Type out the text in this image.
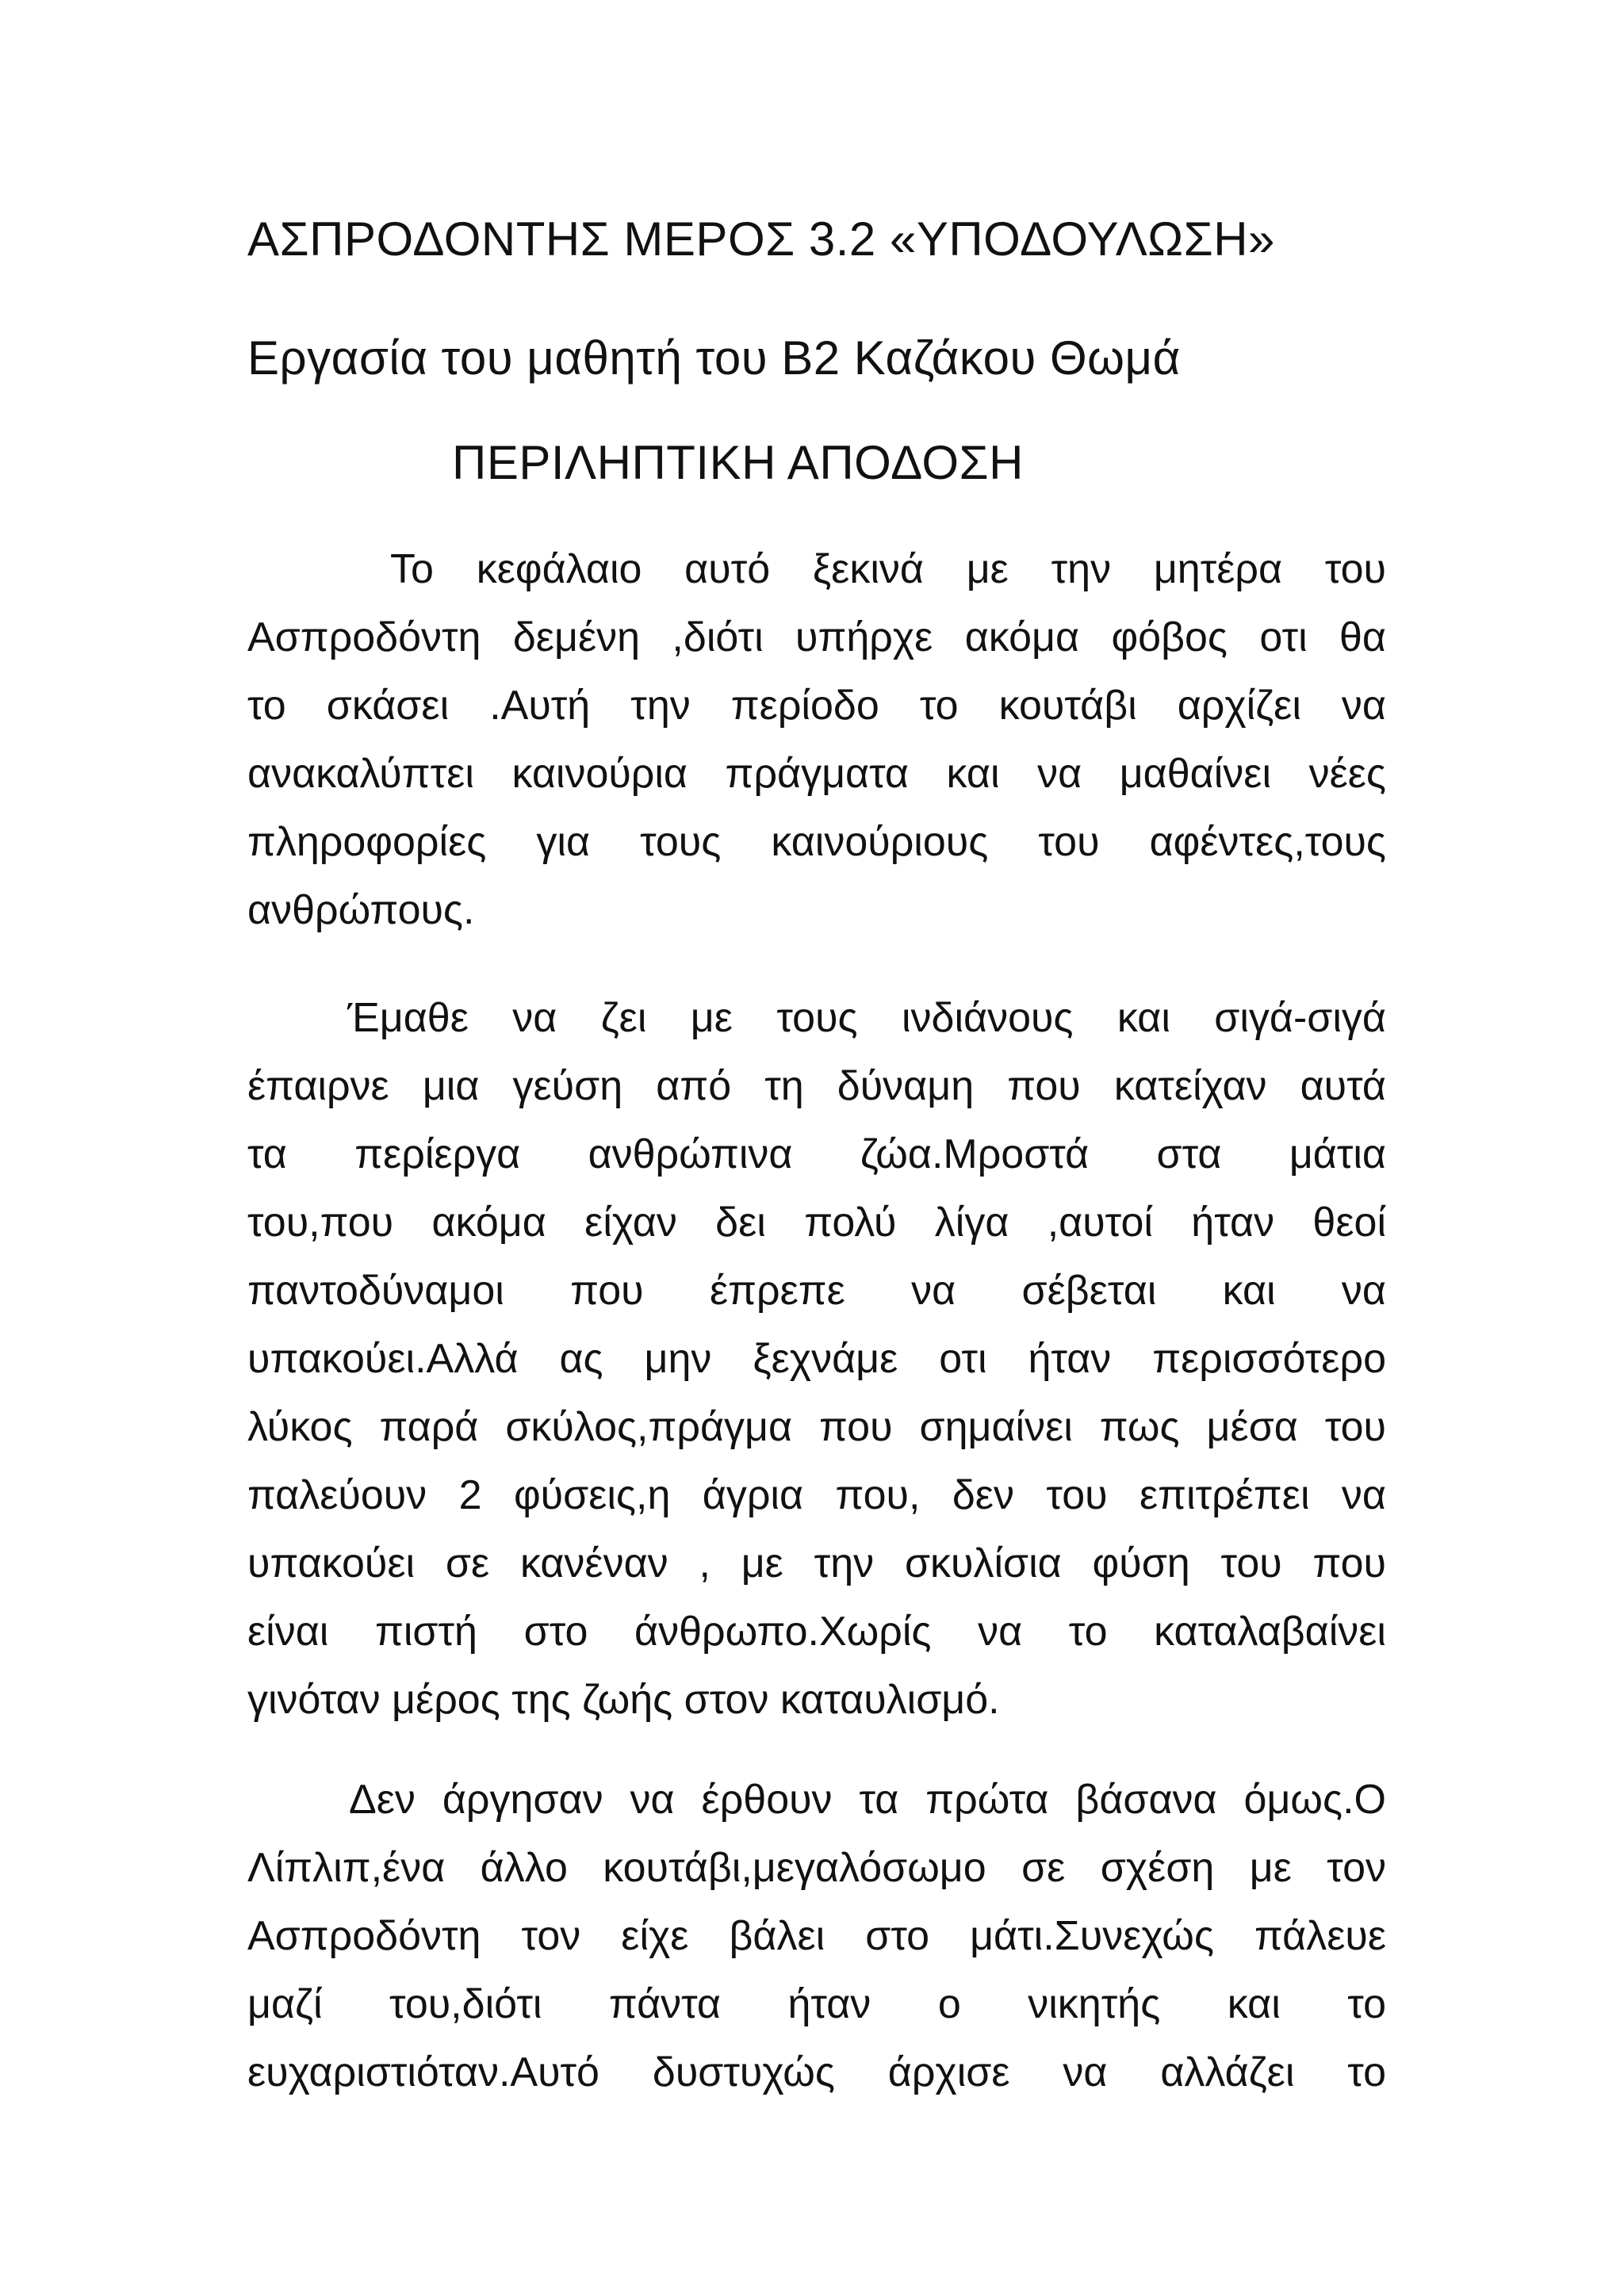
ΑΣΠΡΟΔΟΝΤΗΣ ΜΕΡΟΣ 3.2 «ΥΠΟΔΟΥΛΩΣΗ»
Εργασία του μαθητή του Β2 Καζάκου Θωμά
ΠΕΡΙΛΗΠΤΙΚΗ ΑΠΟΔΟΣΗ
Το κεφάλαιο αυτό ξεκινά με την μητέρα του
Ασπροδόντη δεμένη ,διότι υπήρχε ακόμα φόβος οτι θα
το σκάσει .Αυτή την περίοδο το κουτάβι αρχίζει να
ανακαλύπτει καινούρια πράγματα και να μαθαίνει νέες
πληροφορίες για τους καινούριους του αφέντες,τους
ανθρώπους.
Έμαθε να ζει με τους ινδιάνους και σιγά-σιγά
έπαιρνε μια γεύση από τη δύναμη που κατείχαν αυτά
τα περίεργα ανθρώπινα ζώα.Μροστά στα μάτια
του,που ακόμα είχαν δει πολύ λίγα ,αυτοί ήταν θεοί
παντοδύναμοι που έπρεπε να σέβεται και να
υπακούει.Αλλά ας μην ξεχνάμε οτι ήταν περισσότερο
λύκος παρά σκύλος,πράγμα που σημαίνει πως μέσα του
παλεύουν 2 φύσεις,η άγρια που, δεν του επιτρέπει να
υπακούει σε κανέναν , με την σκυλίσια φύση του που
είναι πιστή στο άνθρωπο.Χωρίς να το καταλαβαίνει
γινόταν μέρος της ζωής στον καταυλισμό.
Δεν άργησαν να έρθουν τα πρώτα βάσανα όμως.Ο
Λίπλιπ,ένα άλλο κουτάβι,μεγαλόσωμο σε σχέση με τον
Ασπροδόντη τον είχε βάλει στο μάτι.Συνεχώς πάλευε
μαζί του,διότι πάντα ήταν ο νικητής και το
ευχαριστιόταν.Αυτό δυστυχώς άρχισε να αλλάζει το
